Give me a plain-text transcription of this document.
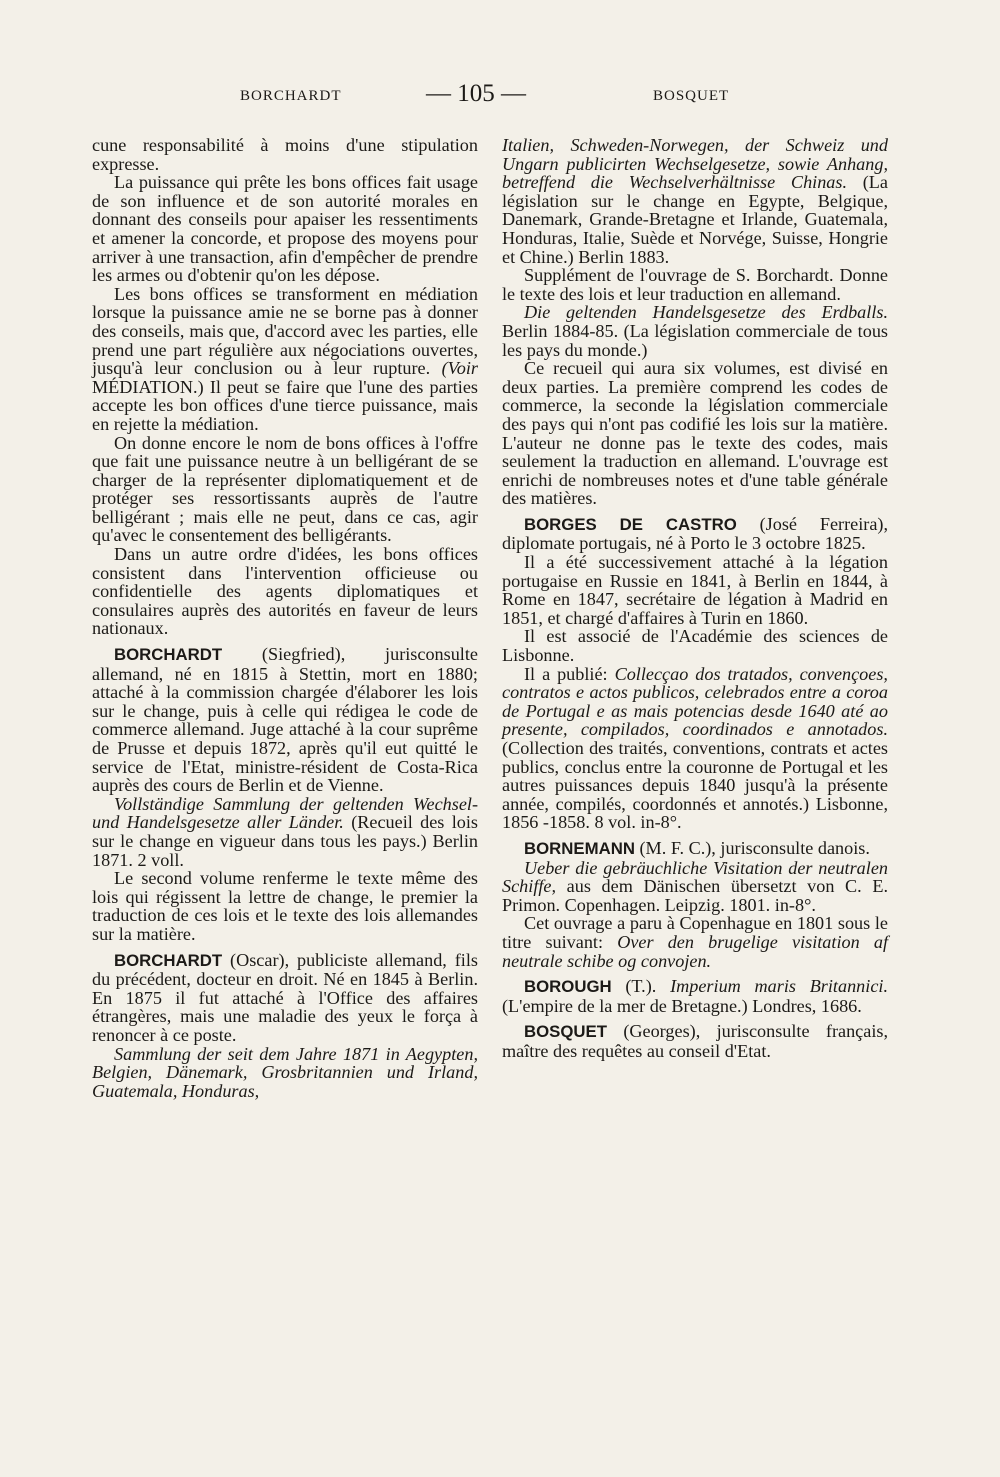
BORCHARDT	— 105 —	BOSQUET

cune responsabilité à moins d'une stipulation expresse.

La puissance qui prête les bons offices fait usage de son influence et de son autorité morales en donnant des conseils pour apaiser les ressentiments et amener la concorde, et propose des moyens pour arriver à une transaction, afin d'empêcher de prendre les armes ou d'obtenir qu'on les dépose.

Les bons offices se transforment en médiation lorsque la puissance amie ne se borne pas à donner des conseils, mais que, d'accord avec les parties, elle prend une part régulière aux négociations ouvertes, jusqu'à leur conclusion ou à leur rupture. (Voir MÉDIATION.) Il peut se faire que l'une des parties accepte les bon offices d'une tierce puissance, mais en rejette la médiation.

On donne encore le nom de bons offices à l'offre que fait une puissance neutre à un belligérant de se charger de la représenter diplomatiquement et de protéger ses ressortissants auprès de l'autre belligérant ; mais elle ne peut, dans ce cas, agir qu'avec le consentement des belligérants.

Dans un autre ordre d'idées, les bons offices consistent dans l'intervention officieuse ou confidentielle des agents diplomatiques et consulaires auprès des autorités en faveur de leurs nationaux.

BORCHARDT (Siegfried), jurisconsulte allemand, né en 1815 à Stettin, mort en 1880; attaché à la commission chargée d'élaborer les lois sur le change, puis à celle qui rédigea le code de commerce allemand. Juge attaché à la cour suprême de Prusse et depuis 1872, après qu'il eut quitté le service de l'Etat, ministre-résident de Costa-Rica auprès des cours de Berlin et de Vienne.

Vollständige Sammlung der geltenden Wechsel- und Handelsgesetze aller Länder. (Recueil des lois sur le change en vigueur dans tous les pays.) Berlin 1871. 2 voll.

Le second volume renferme le texte même des lois qui régissent la lettre de change, le premier la traduction de ces lois et le texte des lois allemandes sur la matière.

BORCHARDT (Oscar), publiciste allemand, fils du précédent, docteur en droit. Né en 1845 à Berlin. En 1875 il fut attaché à l'Office des affaires étrangères, mais une maladie des yeux le força à renoncer à ce poste.

Sammlung der seit dem Jahre 1871 in Aegypten, Belgien, Dänemark, Grosbritannien und Irland, Guatemala, Honduras,

Italien, Schweden-Norwegen, der Schweiz und Ungarn publicirten Wechselgesetze, sowie Anhang, betreffend die Wechselverhältnisse Chinas. (La législation sur le change en Egypte, Belgique, Danemark, Grande-Bretagne et Irlande, Guatemala, Honduras, Italie, Suède et Norvége, Suisse, Hongrie et Chine.) Berlin 1883.

Supplément de l'ouvrage de S. Borchardt. Donne le texte des lois et leur traduction en allemand.

Die geltenden Handelsgesetze des Erdballs. Berlin 1884-85. (La législation commerciale de tous les pays du monde.)

Ce recueil qui aura six volumes, est divisé en deux parties. La première comprend les codes de commerce, la seconde la législation commerciale des pays qui n'ont pas codifié les lois sur la matière. L'auteur ne donne pas le texte des codes, mais seulement la traduction en allemand. L'ouvrage est enrichi de nombreuses notes et d'une table générale des matières.

BORGES DE CASTRO (José Ferreira), diplomate portugais, né à Porto le 3 octobre 1825.

Il a été successivement attaché à la légation portugaise en Russie en 1841, à Berlin en 1844, à Rome en 1847, secrétaire de légation à Madrid en 1851, et chargé d'affaires à Turin en 1860.

Il est associé de l'Académie des sciences de Lisbonne.

Il a publié: Collecçao dos tratados, convençoes, contratos e actos publicos, celebrados entre a coroa de Portugal e as mais potencias desde 1640 até ao presente, compilados, coordinados e annotados. (Collection des traités, conventions, contrats et actes publics, conclus entre la couronne de Portugal et les autres puissances depuis 1840 jusqu'à la présente année, compilés, coordonnés et annotés.) Lisbonne, 1856 -1858. 8 vol. in-8°.

BORNEMANN (M. F. C.), jurisconsulte danois.

Ueber die gebräuchliche Visitation der neutralen Schiffe, aus dem Dänischen übersetzt von C. E. Primon. Copenhagen. Leipzig. 1801. in-8°.

Cet ouvrage a paru à Copenhague en 1801 sous le titre suivant: Over den brugelige visitation af neutrale schibe og convojen.

BOROUGH (T.). Imperium maris Britannici. (L'empire de la mer de Bretagne.) Londres, 1686.

BOSQUET (Georges), jurisconsulte français, maître des requêtes au conseil d'Etat.
